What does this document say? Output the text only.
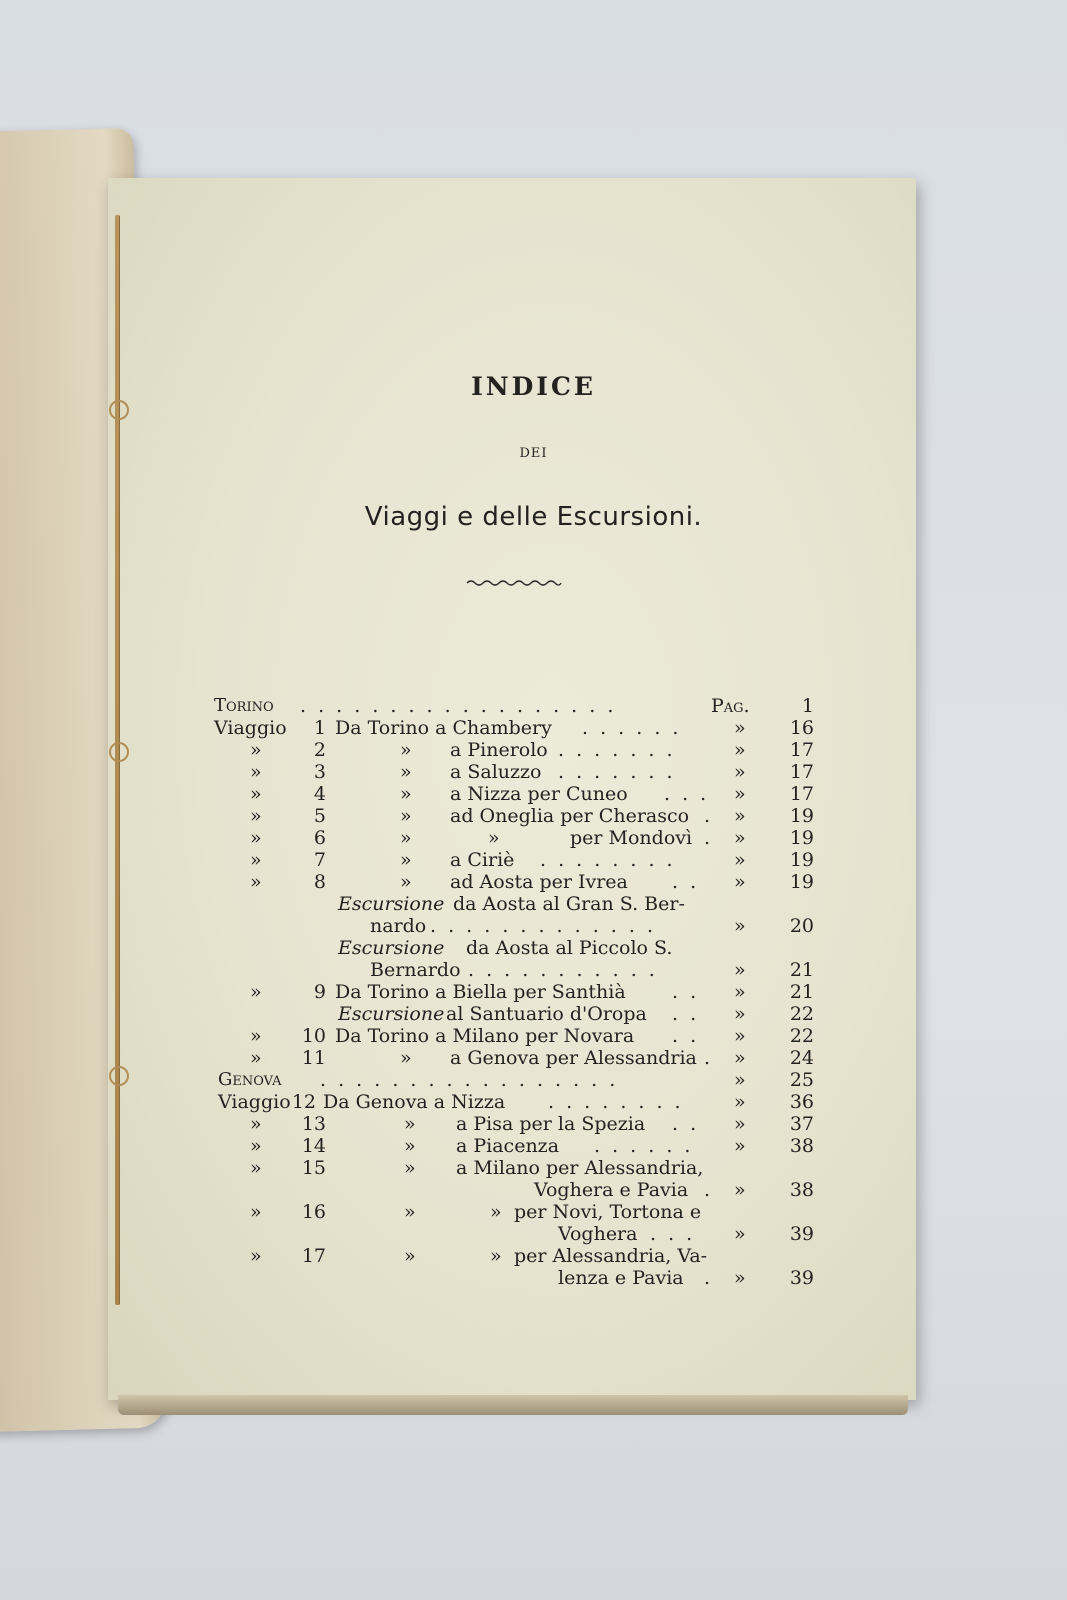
INDICE
DEI
Viaggi e delle Escursioni.
Torino . . . . . . . . . . . . . . . . . .	Pag.	1
Viaggio	1 Da Torino a Chambery . . . . . .	»	16
»	2	» a Pinerolo . . . . . . .	»	17
»	3	» a Saluzzo . . . . . . .	»	17
»	4	» a Nizza per Cuneo . . . »	17
»	5	» ad Oneglia per Cherasco . »	19
»	6	»	»	per Mondovì . »	19
»	7	» a Ciriè . . . . . . . .	»	19
»	8	» ad Aosta per Ivrea . . »	19
Escursione da Aosta al Gran S. Ber-
nardo . . . . . . . . . . . . .	»	20
Escursione da Aosta al Piccolo S.
Bernardo . . . . . . . . . . .	»	21
»	9 Da Torino a Biella per Santhià . . »	21
Escursione al Santuario d'Oropa . . »	22
»	10 Da Torino a Milano per Novara . . »	22
»	11	» a Genova per Alessandria . »	24
Genova . . . . . . . . . . . . . . . . .	»	25
Viaggio 12 Da Genova a Nizza . . . . . . . .	»	36
»	13	» a Pisa per la Spezia . . »	37
»	14	» a Piacenza . . . . . . »	38
»	15	» a Milano per Alessandria,
Voghera e Pavia . »	38
»	16	»	» per Novi, Tortona e
Voghera . . . »	39
»	17	»	» per Alessandria, Va-
lenza e Pavia . »	39
